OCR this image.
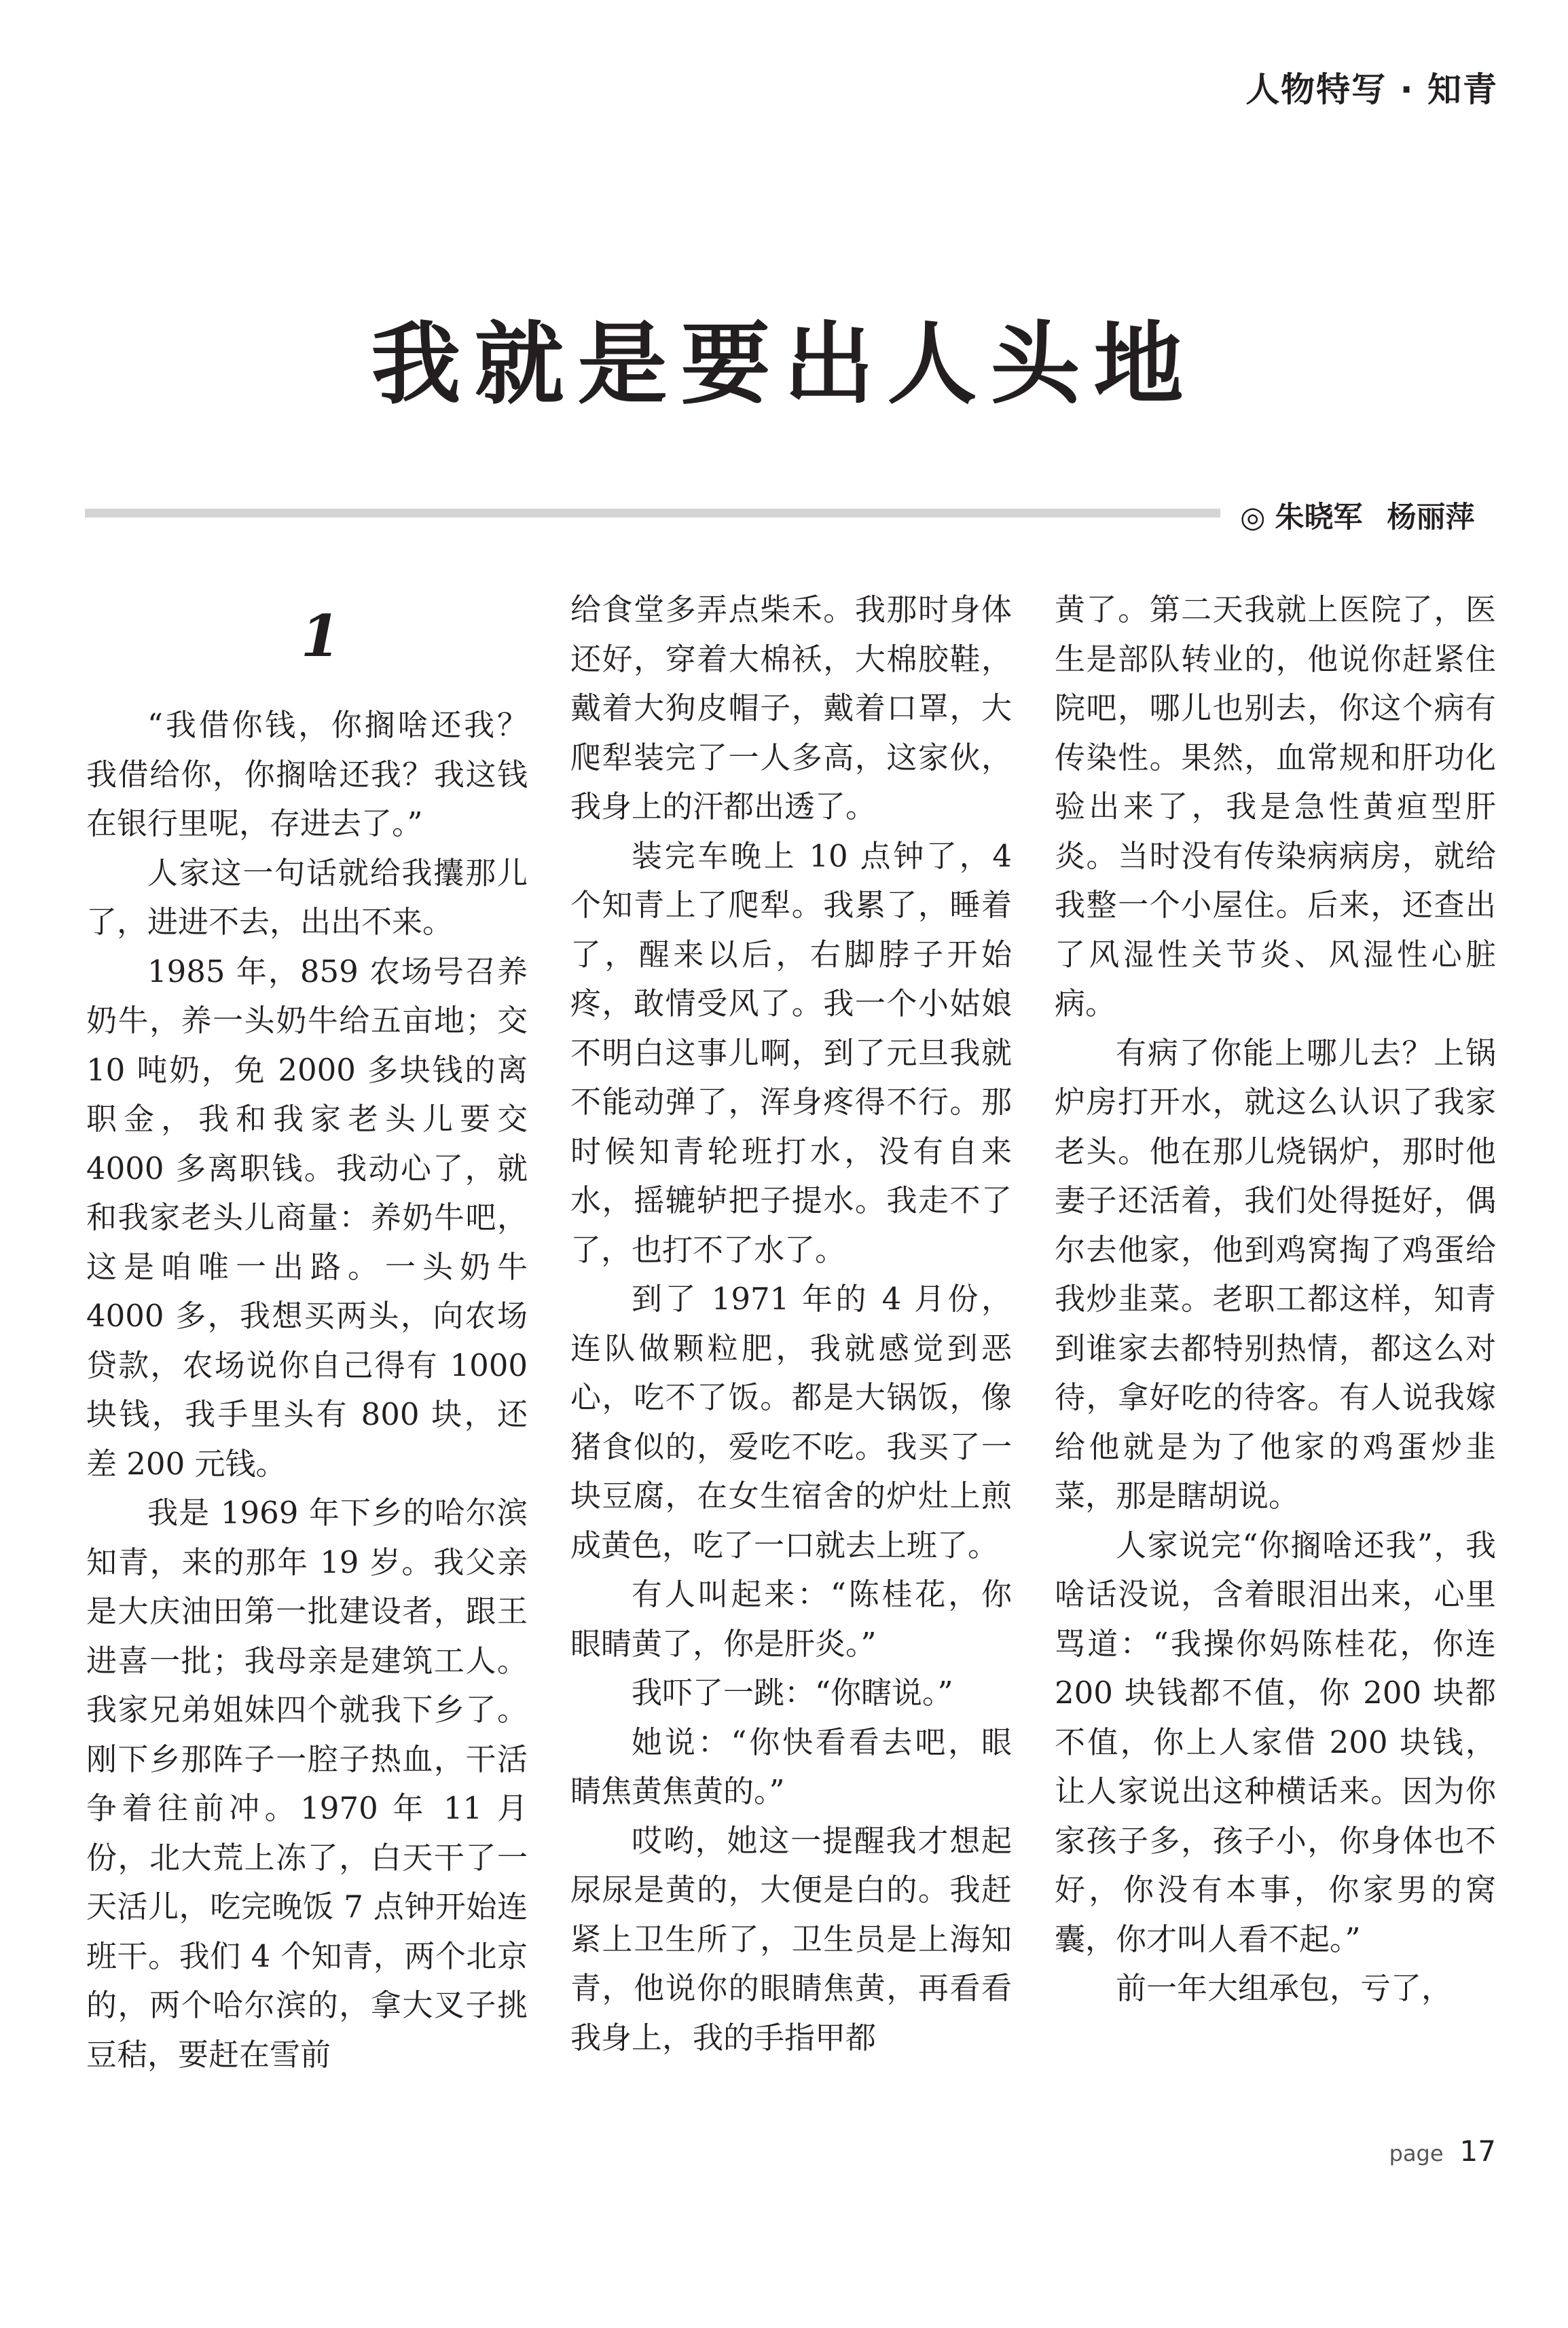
人物特写 · 知青
我就是要出人头地
◎ 朱晓军 杨丽萍
1

“我借你钱，你搁啥还我？我借给你，你搁啥还我？我这钱在银行里呢，存进去了。”

人家这一句话就给我攮那儿了，进进不去，出出不来。

1985 年，859 农场号召养奶牛，养一头奶牛给五亩地；交 10 吨奶，免 2000 多块钱的离职金，我和我家老头儿要交 4000 多离职钱。我动心了，就和我家老头儿商量：养奶牛吧，这是咱唯一出路。一头奶牛 4000 多，我想买两头，向农场贷款，农场说你自己得有 1000 块钱，我手里头有 800 块，还差 200 元钱。

我是 1969 年下乡的哈尔滨知青，来的那年 19 岁。我父亲是大庆油田第一批建设者，跟王进喜一批；我母亲是建筑工人。我家兄弟姐妹四个就我下乡了。刚下乡那阵子一腔子热血，干活争着往前冲。1970 年 11 月份，北大荒上冻了，白天干了一天活儿，吃完晚饭 7 点钟开始连班干。我们 4 个知青，两个北京的，两个哈尔滨的，拿大叉子挑豆秸，要赶在雪前

给食堂多弄点柴禾。我那时身体还好，穿着大棉袄，大棉胶鞋，戴着大狗皮帽子，戴着口罩，大爬犁装完了一人多高，这家伙，我身上的汗都出透了。

装完车晚上 10 点钟了，4 个知青上了爬犁。我累了，睡着了，醒来以后，右脚脖子开始疼，敢情受风了。我一个小姑娘不明白这事儿啊，到了元旦我就不能动弹了，浑身疼得不行。那时候知青轮班打水，没有自来水，摇辘轳把子提水。我走不了了，也打不了水了。

到了 1971 年的 4 月份，连队做颗粒肥，我就感觉到恶心，吃不了饭。都是大锅饭，像猪食似的，爱吃不吃。我买了一块豆腐，在女生宿舍的炉灶上煎成黄色，吃了一口就去上班了。

有人叫起来：“陈桂花，你眼睛黄了，你是肝炎。”

我吓了一跳：“你瞎说。”

她说：“你快看看去吧，眼睛焦黄焦黄的。”

哎哟，她这一提醒我才想起尿尿是黄的，大便是白的。我赶紧上卫生所了，卫生员是上海知青，他说你的眼睛焦黄，再看看我身上，我的手指甲都

黄了。第二天我就上医院了，医生是部队转业的，他说你赶紧住院吧，哪儿也别去，你这个病有传染性。果然，血常规和肝功化验出来了，我是急性黄疸型肝炎。当时没有传染病病房，就给我整一个小屋住。后来，还查出了风湿性关节炎、风湿性心脏病。

有病了你能上哪儿去？上锅炉房打开水，就这么认识了我家老头。他在那儿烧锅炉，那时他妻子还活着，我们处得挺好，偶尔去他家，他到鸡窝掏了鸡蛋给我炒韭菜。老职工都这样，知青到谁家去都特别热情，都这么对待，拿好吃的待客。有人说我嫁给他就是为了他家的鸡蛋炒韭菜，那是瞎胡说。

人家说完“你搁啥还我”，我啥话没说，含着眼泪出来，心里骂道：“我操你妈陈桂花，你连 200 块钱都不值，你 200 块都不值，你上人家借 200 块钱，让人家说出这种横话来。因为你家孩子多，孩子小，你身体也不好，你没有本事，你家男的窝囊，你才叫人看不起。”

前一年大组承包，亏了，

page 17
